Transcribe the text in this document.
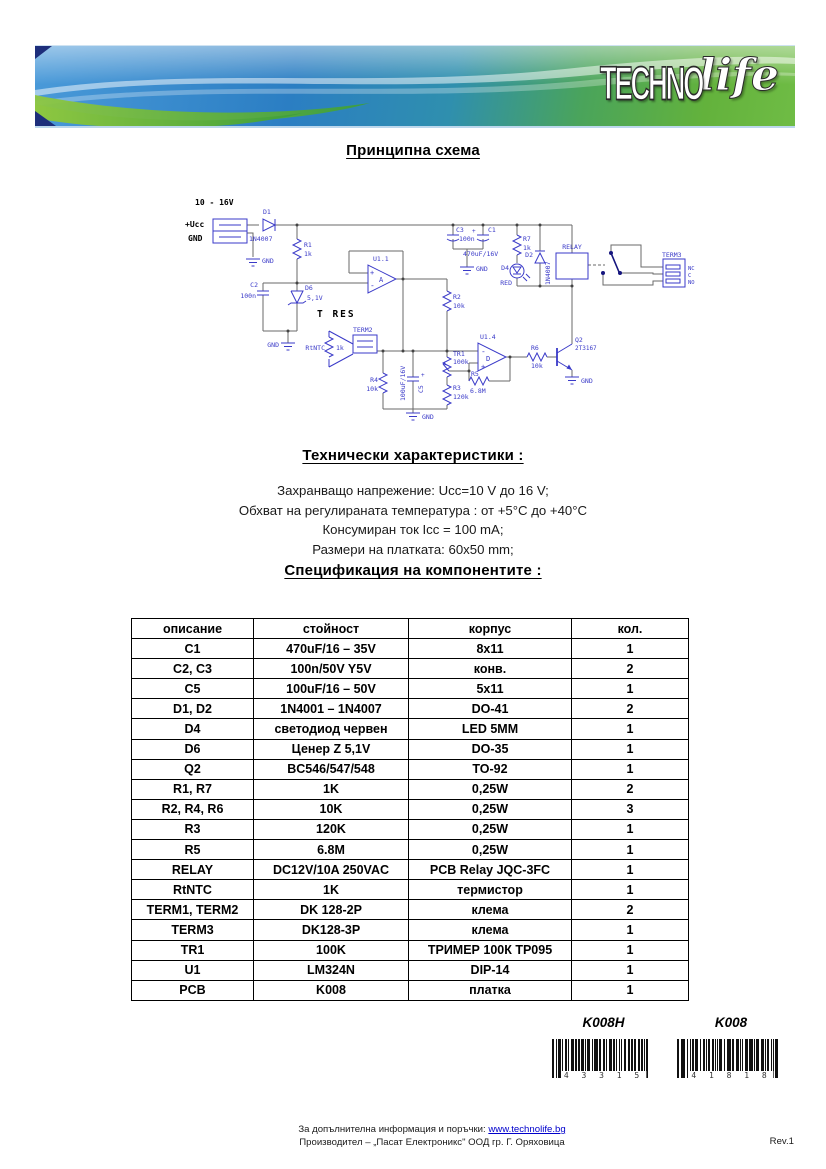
TECHNO
life
Принципна схема
10 - 16V
+Ucc
GND
T RES
D1
1N4007
GND
R1
1k
C2
100n
D6
5,1V
GND
U1.1
+
-
A
RtNTC 1k
TERM2
R2
10k
C3
100n
+ C1
470uF/16V
GND
R7
1k
D4
RED
D2
1N4007
RELAY
TERM3
NC
C
NO
R4
10k	100uF/16V C5
+
GND
TR1
100k
R3
120k
U1.4
-
+
D
R5
6.8M
R6
10k
Q2
2T3167
GND
Технически характеристики :
Захранващо напрежение: Ucc=10 V до 16 V;
Обхват на регулираната температура : от +5°C до +40°C
Консумиран ток Icc = 100 mA;
Размери на платката: 60x50 mm;
Спецификация на компонентите :
описание	стойност	корпус	кол.
C1	470uF/16 – 35V	8x11	1
C2, C3	100n/50V Y5V	конв.	2
C5	100uF/16 – 50V	5x11	1
D1, D2	1N4001 – 1N4007	DO-41	2
D4	светодиод червен	LED 5MM	1
D6	Ценер Z 5,1V	DO-35	1
Q2	BC546/547/548	TO-92	1
R1, R7	1K	0,25W	2
R2, R4, R6	10K	0,25W	3
R3	120K	0,25W	1
R5	6.8M	0,25W	1
RELAY	DC12V/10A 250VAC	PCB Relay JQC-3FC	1
RtNTC	1K	термистор	1
TERM1, TERM2	DK 128-2P	клема	2
TERM3	DK128-3P	клема	1
TR1	100K	ТРИМЕР 100К ТР095	1
U1	LM324N	DIP-14	1
PCB	K008	платка	1
K008H	K008
4 3 3 1 5	4 1 8 1 8
За допълнителна информация и поръчки: www.technolife.bg
Производител – „Пасат Електроникс" ООД гр. Г. Оряховица	Rev.1
